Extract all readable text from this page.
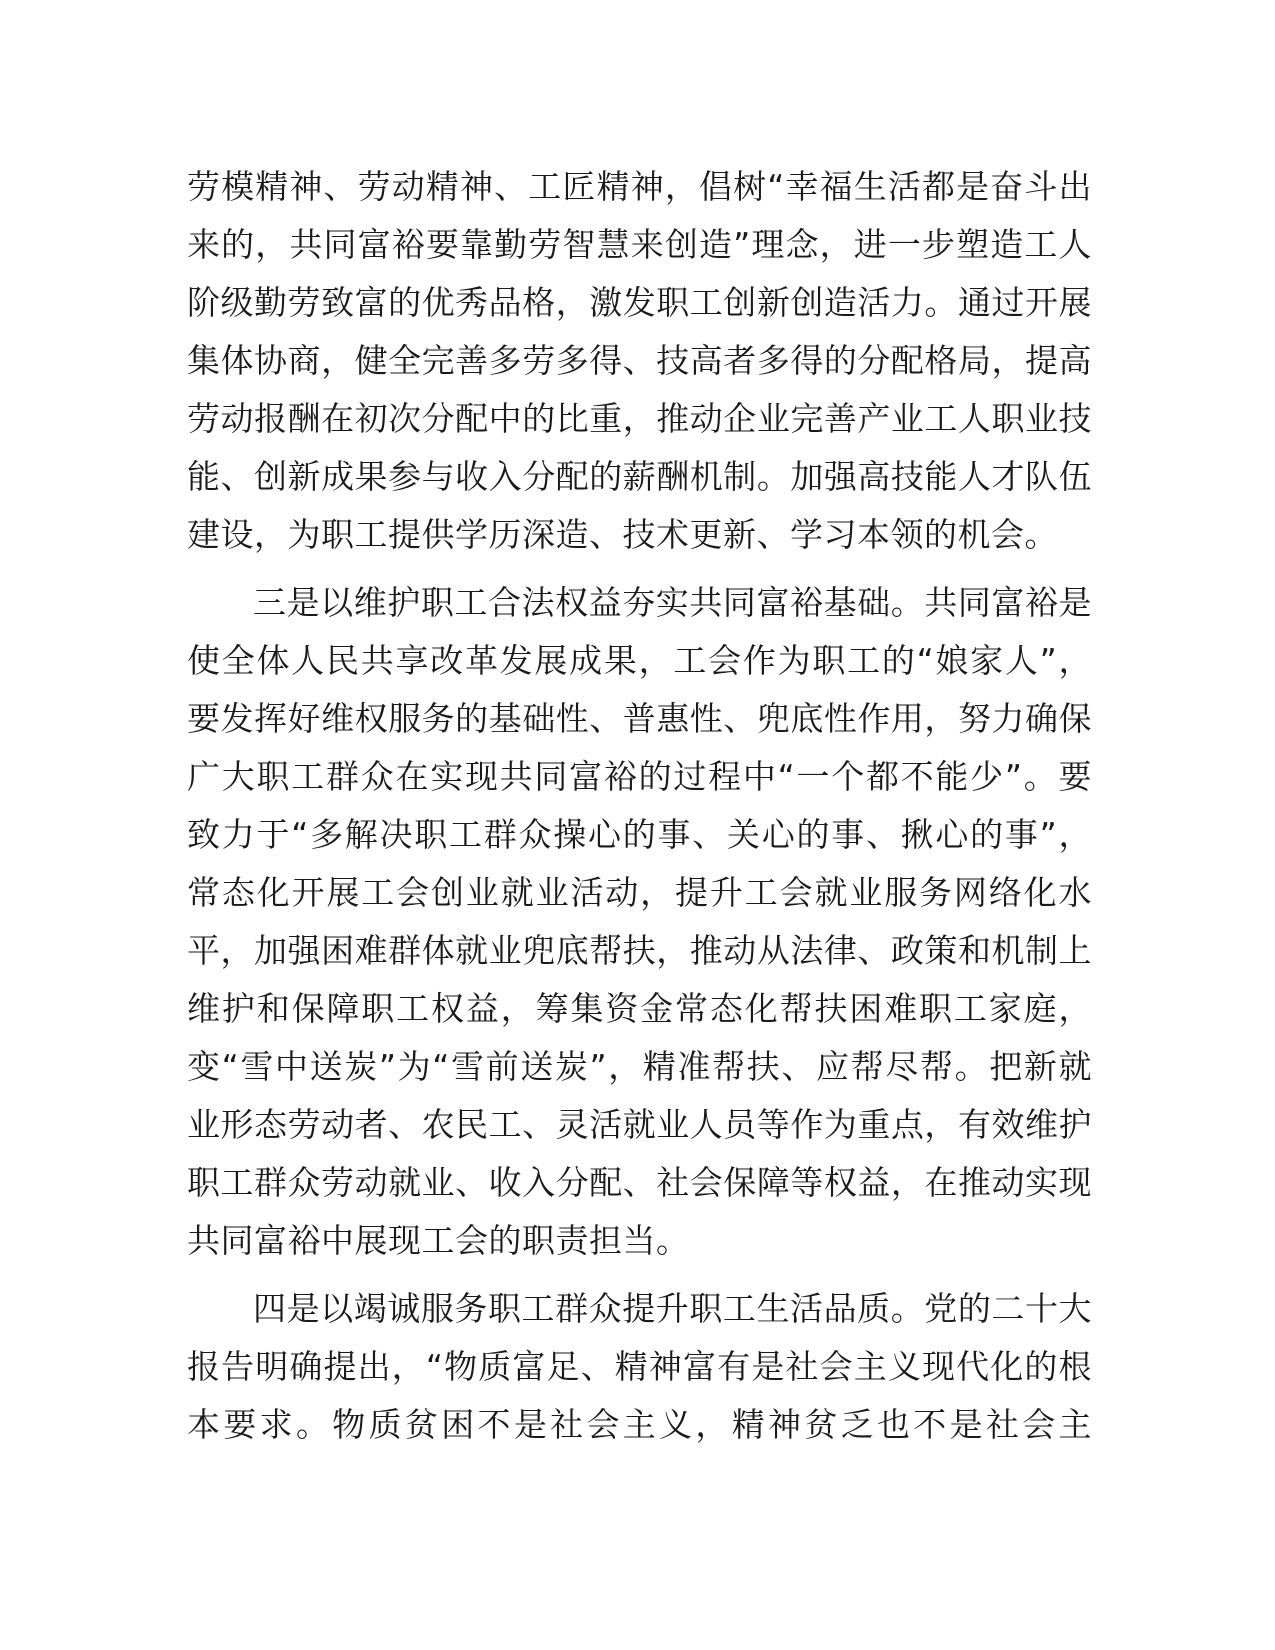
劳模精神、劳动精神、工匠精神，倡树“幸福生活都是奋斗出
来的，共同富裕要靠勤劳智慧来创造”理念，进一步塑造工人
阶级勤劳致富的优秀品格，激发职工创新创造活力。通过开展
集体协商，健全完善多劳多得、技高者多得的分配格局，提高
劳动报酬在初次分配中的比重，推动企业完善产业工人职业技
能、创新成果参与收入分配的薪酬机制。加强高技能人才队伍
建设，为职工提供学历深造、技术更新、学习本领的机会。
三是以维护职工合法权益夯实共同富裕基础。共同富裕是
使全体人民共享改革发展成果，工会作为职工的“娘家人”，
要发挥好维权服务的基础性、普惠性、兜底性作用，努力确保
广大职工群众在实现共同富裕的过程中“一个都不能少”。要
致力于“多解决职工群众操心的事、关心的事、揪心的事”，
常态化开展工会创业就业活动，提升工会就业服务网络化水
平，加强困难群体就业兜底帮扶，推动从法律、政策和机制上
维护和保障职工权益，筹集资金常态化帮扶困难职工家庭，
变“雪中送炭”为“雪前送炭”，精准帮扶、应帮尽帮。把新就
业形态劳动者、农民工、灵活就业人员等作为重点，有效维护
职工群众劳动就业、收入分配、社会保障等权益，在推动实现
共同富裕中展现工会的职责担当。
四是以竭诚服务职工群众提升职工生活品质。党的二十大
报告明确提出，“物质富足、精神富有是社会主义现代化的根
本要求。物质贫困不是社会主义，精神贫乏也不是社会主
